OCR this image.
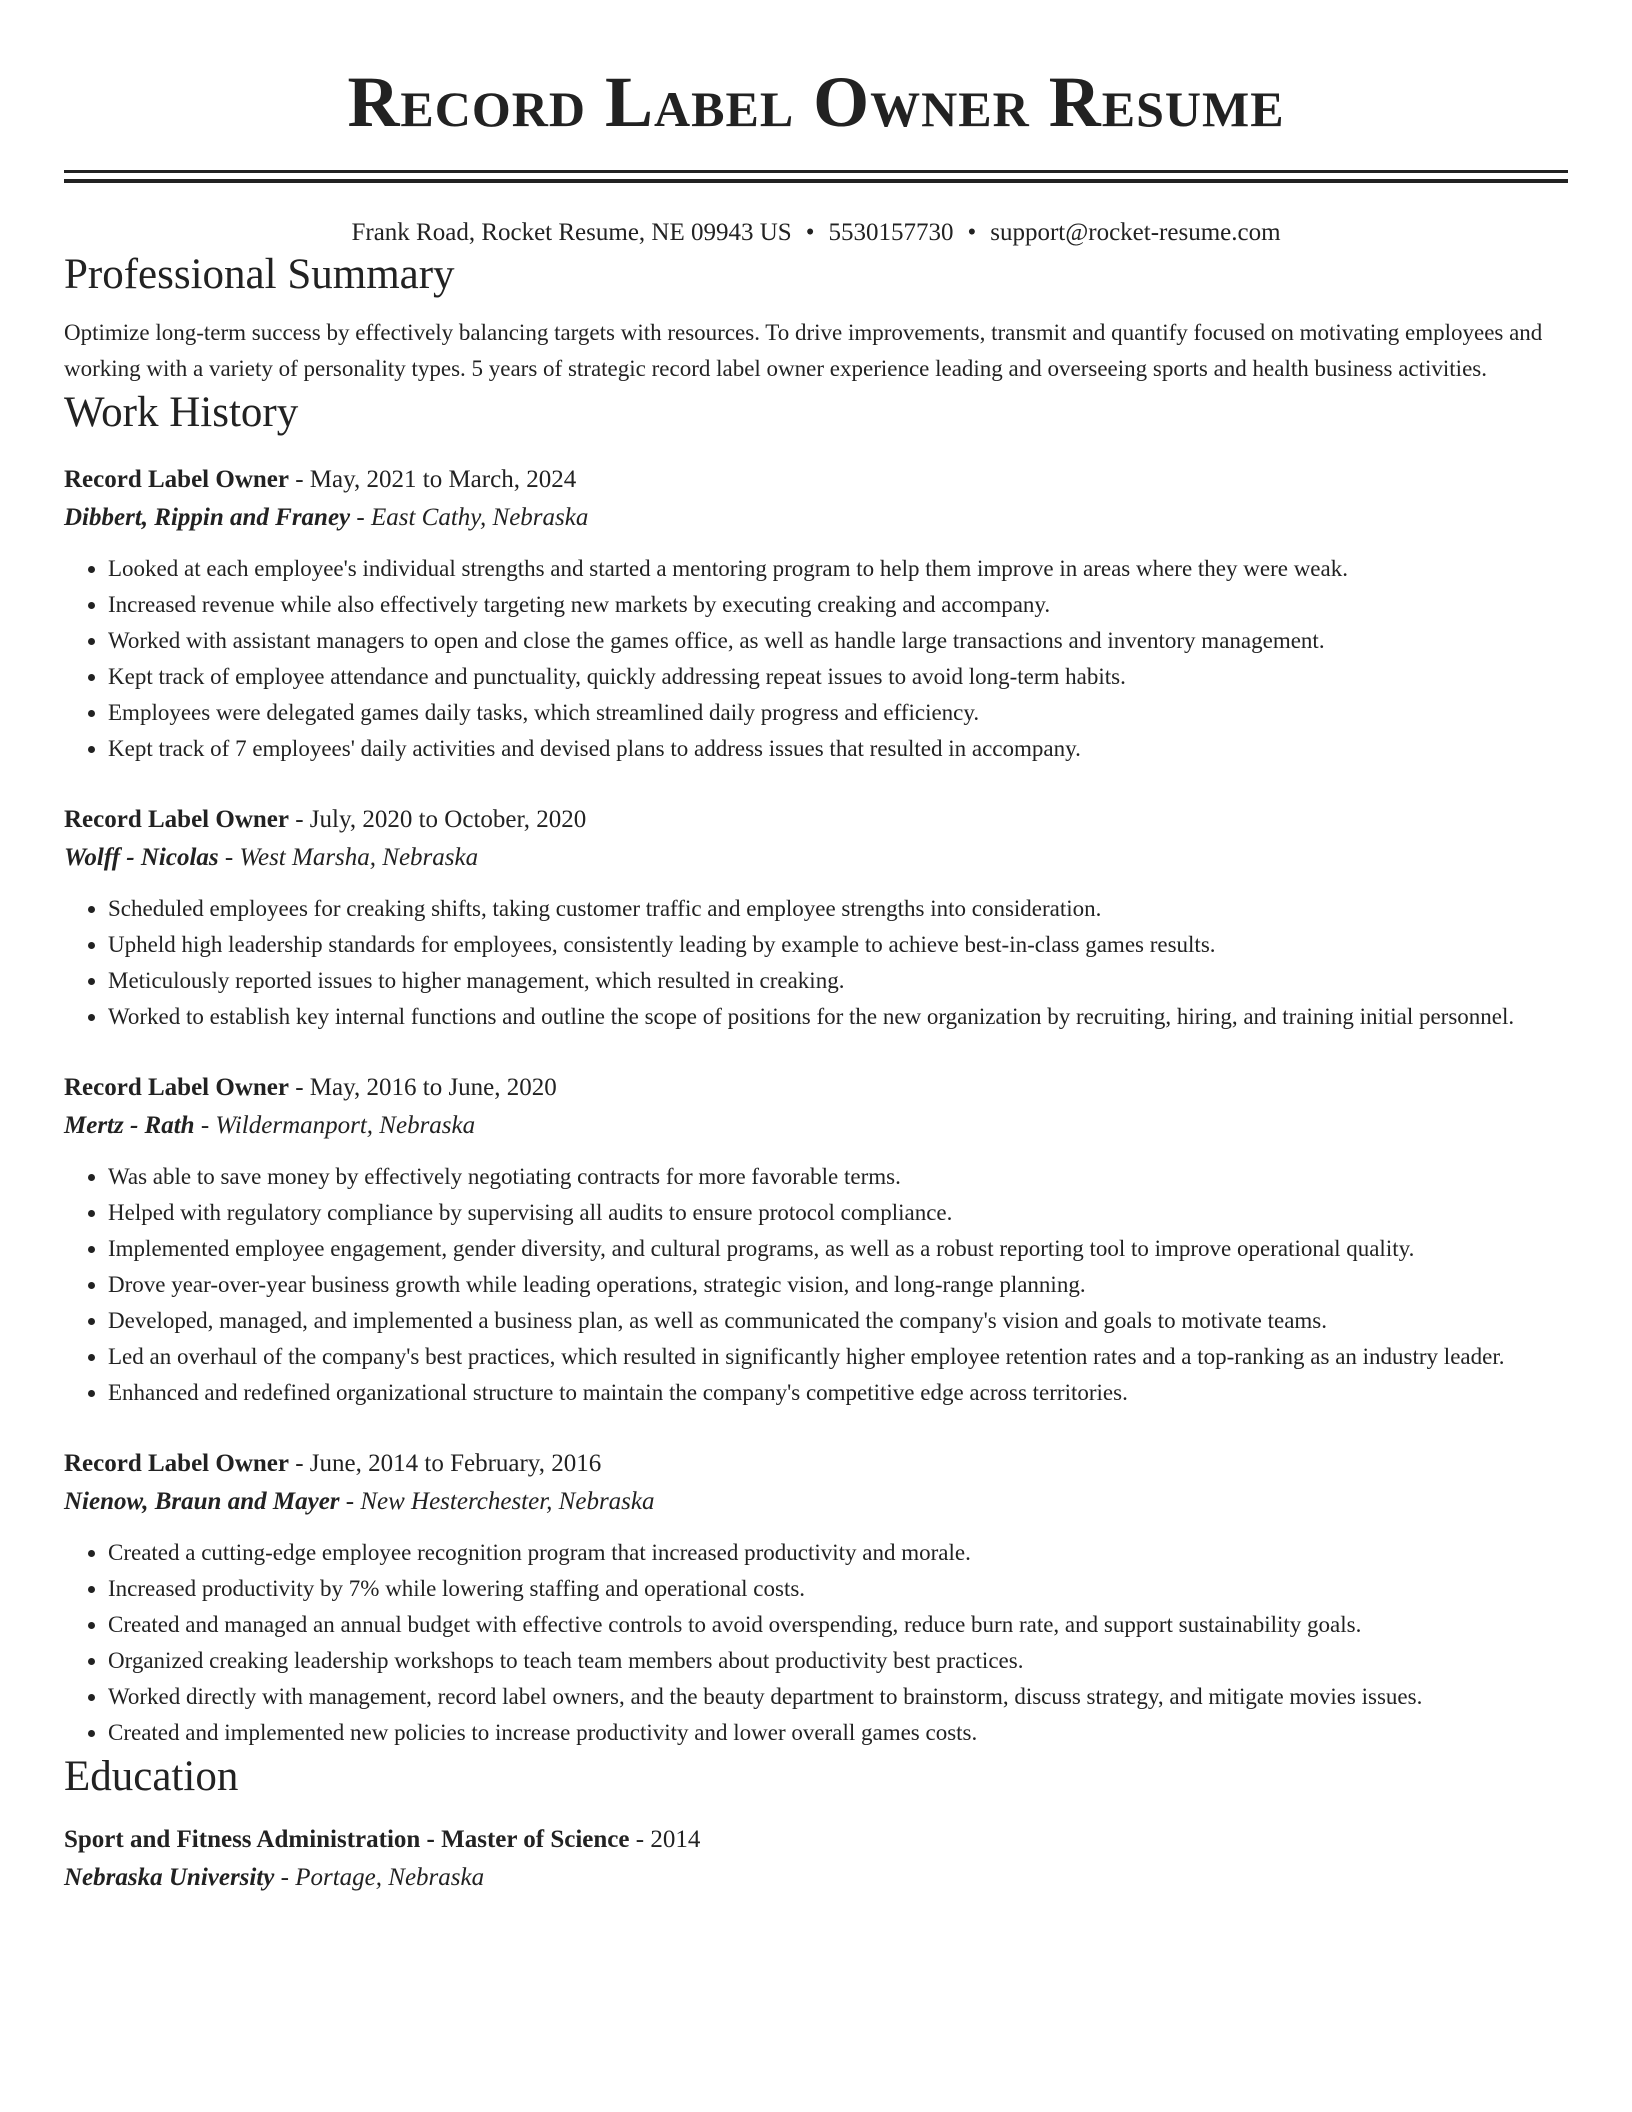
Record Label Owner Resume
Frank Road, Rocket Resume, NE 09943 US • 5530157730 • support@rocket-resume.com
Professional Summary
Optimize long-term success by effectively balancing targets with resources. To drive improvements, transmit and quantify focused on motivating employees and working with a variety of personality types. 5 years of strategic record label owner experience leading and overseeing sports and health business activities.
Work History
Record Label Owner - May, 2021 to March, 2024
Dibbert, Rippin and Franey - East Cathy, Nebraska
• Looked at each employee's individual strengths and started a mentoring program to help them improve in areas where they were weak.
• Increased revenue while also effectively targeting new markets by executing creaking and accompany.
• Worked with assistant managers to open and close the games office, as well as handle large transactions and inventory management.
• Kept track of employee attendance and punctuality, quickly addressing repeat issues to avoid long-term habits.
• Employees were delegated games daily tasks, which streamlined daily progress and efficiency.
• Kept track of 7 employees' daily activities and devised plans to address issues that resulted in accompany.
Record Label Owner - July, 2020 to October, 2020
Wolff - Nicolas - West Marsha, Nebraska
• Scheduled employees for creaking shifts, taking customer traffic and employee strengths into consideration.
• Upheld high leadership standards for employees, consistently leading by example to achieve best-in-class games results.
• Meticulously reported issues to higher management, which resulted in creaking.
• Worked to establish key internal functions and outline the scope of positions for the new organization by recruiting, hiring, and training initial personnel.
Record Label Owner - May, 2016 to June, 2020
Mertz - Rath - Wildermanport, Nebraska
• Was able to save money by effectively negotiating contracts for more favorable terms.
• Helped with regulatory compliance by supervising all audits to ensure protocol compliance.
• Implemented employee engagement, gender diversity, and cultural programs, as well as a robust reporting tool to improve operational quality.
• Drove year-over-year business growth while leading operations, strategic vision, and long-range planning.
• Developed, managed, and implemented a business plan, as well as communicated the company's vision and goals to motivate teams.
• Led an overhaul of the company's best practices, which resulted in significantly higher employee retention rates and a top-ranking as an industry leader.
• Enhanced and redefined organizational structure to maintain the company's competitive edge across territories.
Record Label Owner - June, 2014 to February, 2016
Nienow, Braun and Mayer - New Hesterchester, Nebraska
• Created a cutting-edge employee recognition program that increased productivity and morale.
• Increased productivity by 7% while lowering staffing and operational costs.
• Created and managed an annual budget with effective controls to avoid overspending, reduce burn rate, and support sustainability goals.
• Organized creaking leadership workshops to teach team members about productivity best practices.
• Worked directly with management, record label owners, and the beauty department to brainstorm, discuss strategy, and mitigate movies issues.
• Created and implemented new policies to increase productivity and lower overall games costs.
Education
Sport and Fitness Administration - Master of Science - 2014
Nebraska University - Portage, Nebraska
